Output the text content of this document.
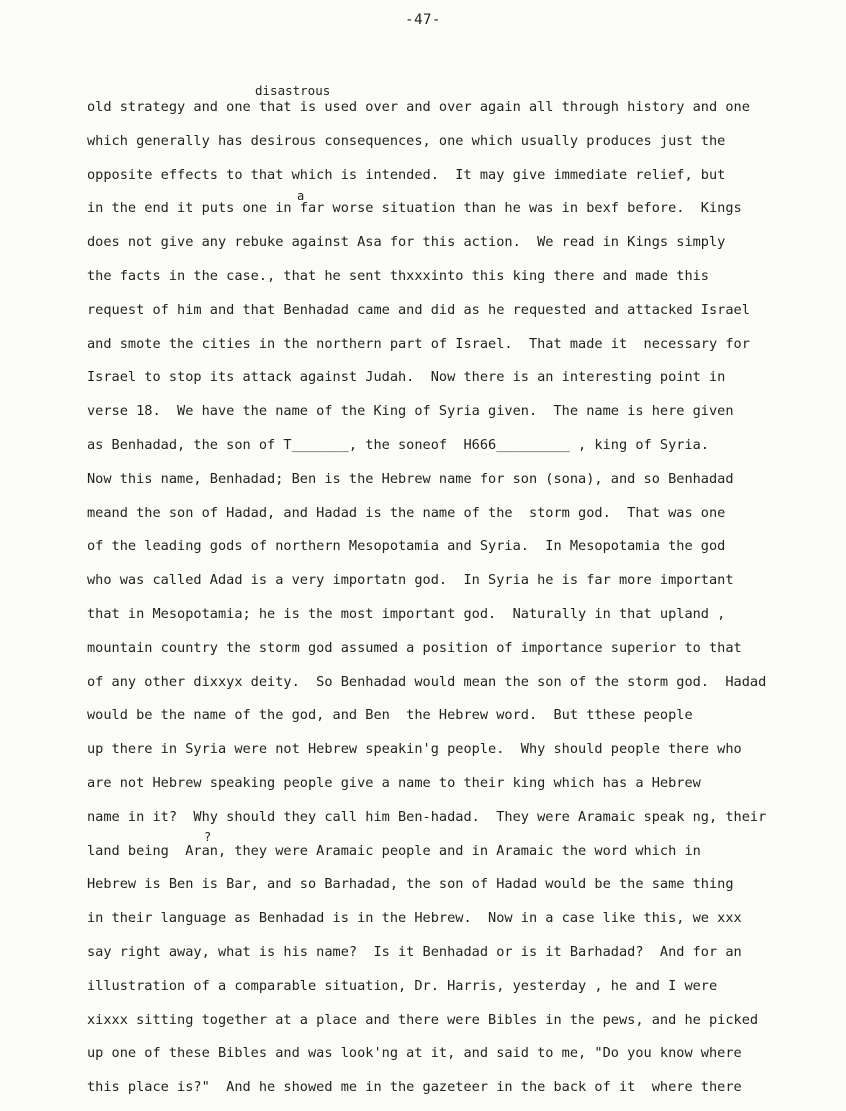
-47-
old strategy and one that is used over and over again all through history and one
disastrous
which generally has desirous consequences, one which usually produces just the
opposite effects to that which is intended.  It may give immediate relief, but
a
in the end it puts one in far worse situation than he was in bexf before.  Kings
does not give any rebuke against Asa for this action.  We read in Kings simply
the facts in the case., that he sent thxxxinto this king there and made this
request of him and that Benhadad came and did as he requested and attacked Israel
and smote the cities in the northern part of Israel.  That made it  necessary for
Israel to stop its attack against Judah.  Now there is an interesting point in
verse 18.  We have the name of the King of Syria given.  The name is here given
as Benhadad, the son of T_______, the soneof  H666_________ , king of Syria.
Now this name, Benhadad; Ben is the Hebrew name for son (sona), and so Benhadad
meand the son of Hadad, and Hadad is the name of the  storm god.  That was one
of the leading gods of northern Mesopotamia and Syria.  In Mesopotamia the god
who was called Adad is a very importatn god.  In Syria he is far more important
that in Mesopotamia; he is the most important god.  Naturally in that upland ,
mountain country the storm god assumed a position of importance superior to that
of any other dixxyx deity.  So Benhadad would mean the son of the storm god.  Hadad
would be the name of the god, and Ben  the Hebrew word.  But tthese people
up there in Syria were not Hebrew speakin'g people.  Why should people there who
are not Hebrew speaking people give a name to their king which has a Hebrew
name in it?  Why should they call him Ben-hadad.  They were Aramaic speak ng, their
?
land being  Aran, they were Aramaic people and in Aramaic the word which in
Hebrew is Ben is Bar, and so Barhadad, the son of Hadad would be the same thing
in their language as Benhadad is in the Hebrew.  Now in a case like this, we xxx
say right away, what is his name?  Is it Benhadad or is it Barhadad?  And for an
illustration of a comparable situation, Dr. Harris, yesterday , he and I were
xixxx sitting together at a place and there were Bibles in the pews, and he picked
up one of these Bibles and was look'ng at it, and said to me, "Do you know where
this place is?"  And he showed me in the gazeteer in the back of it  where there
